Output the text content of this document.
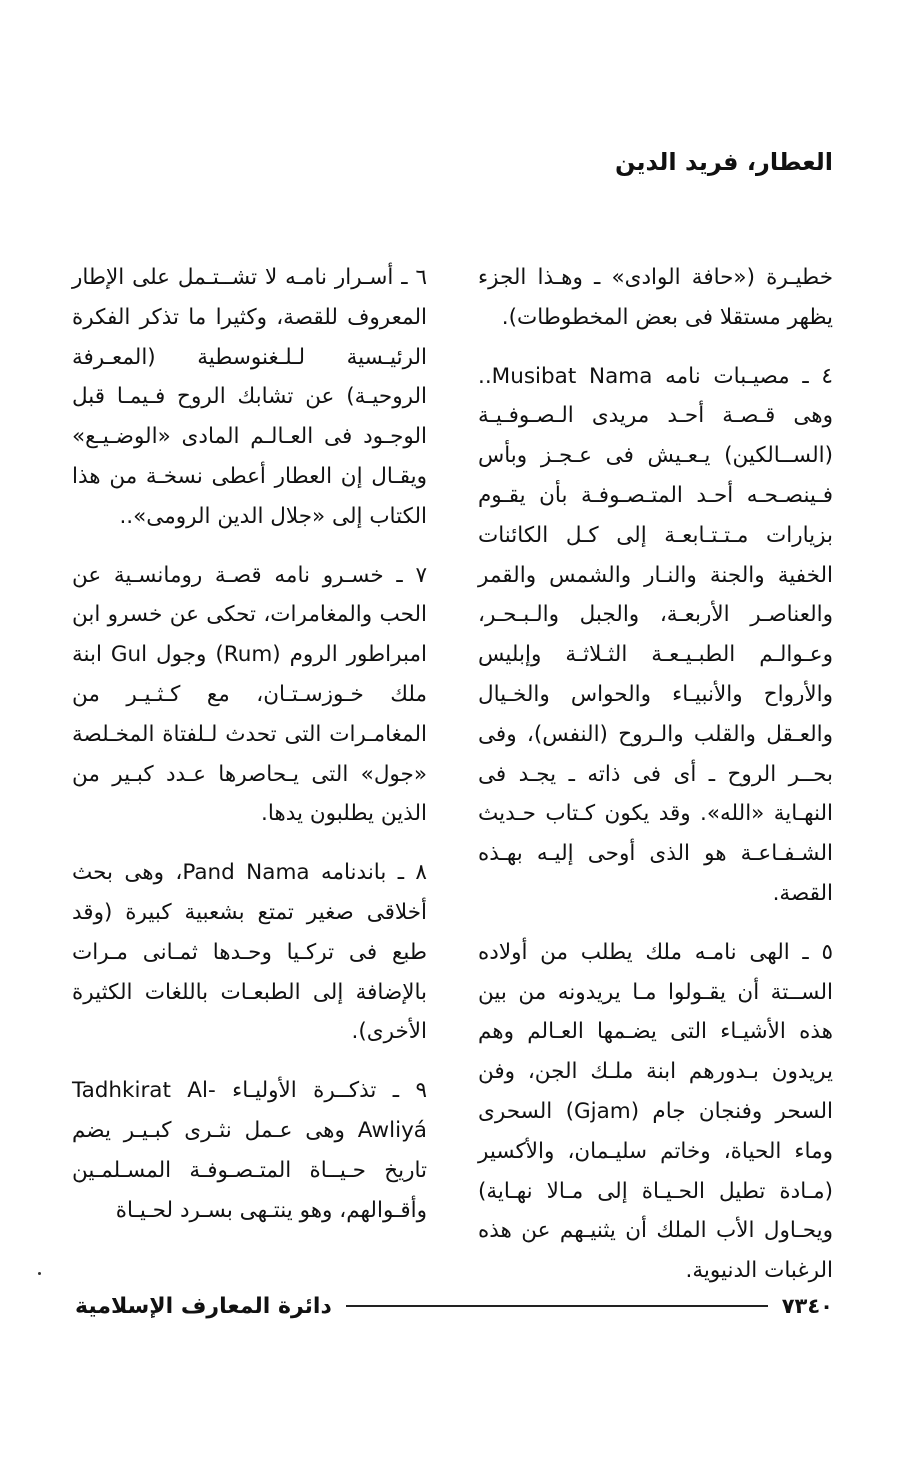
العطار، فريد الدين

خطيـرة («حافة الوادى» ـ وهـذا الجزء يظهر مستقلا فى بعض المخطوطات).

٤ ـ مصيـبات نامه Musibat Nama.. وهى قـصـة أحـد مريدى الـصـوفـيـة (الســالكين) يـعـيش فى عـجـز وبأس فـينصـحـه أحـد المتـصـوفـة بأن يقـوم بزيارات مـتـتـابعـة إلى كـل الكائنات الخفية والجنة والنـار والشمس والقمر والعناصـر الأربعـة، والجبل والـبـحـر، وعـوالـم الطبـيـعـة الثـلاثـة وإبليس والأرواح والأنبيـاء والحواس والخـيال والعـقل والقلب والـروح (النفس)، وفى بحــر الروح ـ أى فى ذاته ـ يجـد فى النهـاية «الله». وقد يكون كـتاب حـديث الشـفـاعـة هو الذى أوحى إليـه بهـذه القصة.

٥ ـ الهى نامـه ملك يطلب من أولاده الســتة أن يقـولوا مـا يريدونه من بين هذه الأشيـاء التى يضـمها العـالم وهم يريدون بـدورهم ابنة ملـك الجن، وفن السحر وفنجان جام (Gjam) السحرى وماء الحياة، وخاتم سليـمان، والأكسير (مـادة تطيل الحـيـاة إلى مـالا نهـاية) ويحـاول الأب الملك أن يثنيـهم عن هذه الرغبات الدنيوية.

٦ ـ أسـرار نامـه لا تشــتـمل على الإطار المعروف للقصة، وكثيرا ما تذكر الفكرة الرئيـسية لـلـغنوسطية (المعـرفة الروحيـة) عن تشابك الروح فـيمـا قبل الوجـود فى العـالـم المادى «الوضـيـع» ويقـال إن العطار أعطى نسخـة من هذا الكتاب إلى «جلال الدين الرومى»..

٧ ـ خسـرو نامه قصـة رومانسـية عن الحب والمغامرات، تحكى عن خسرو ابن امبراطور الروم (Rum) وجول Gul ابنة ملك خـوزسـتـان، مع كـثـيـر من المغامـرات التى تحدث لـلفتاة المخـلصة «جول» التى يـحاصرها عـدد كبـير من الذين يطلبون يدها.

٨ ـ باندنامه Pand Nama، وهى بحث أخلاقى صغير تمتع بشعبية كبيرة (وقد طبع فى تركـيا وحـدها ثمـانى مـرات بالإضافة إلى الطبعـات باللغات الكثيرة الأخرى).

٩ ـ تذكــرة الأوليـاء Tadhkirat Al-Awliyá وهى عـمل نثـرى كبـيـر يضم تاريخ حـيــاة المتـصـوفـة المسـلمـين وأقـوالهم، وهو ينتـهى بسـرد لحـيـاة

دائرة المعارف الإسلامية	٧٣٤٠
